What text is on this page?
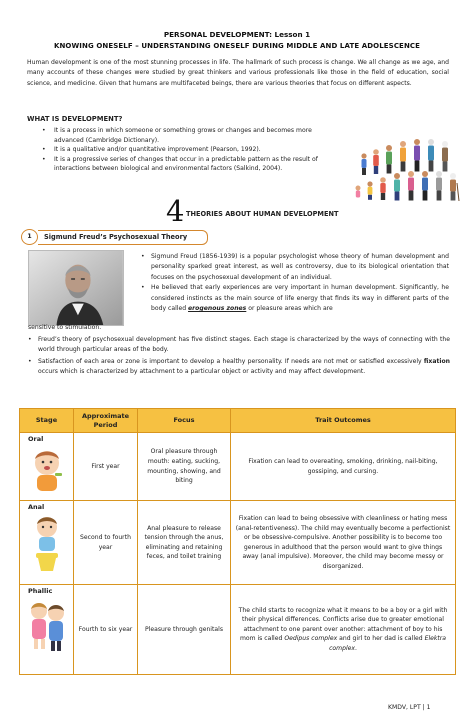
PERSONAL DEVELOPMENT: Lesson 1
KNOWING ONESELF – UNDERSTANDING ONESELF DURING MIDDLE AND LATE ADOLESCENCE

Human development is one of the most stunning processes in life. The hallmark of such process is change. We all change as we age, and many accounts of these changes were studied by great thinkers and various professionals like those in the field of education, social science, and medicine. Given that humans are multifaceted beings, there are various theories that focus on different aspects.

WHAT IS DEVELOPMENT?
• It is a process in which someone or something grows or changes and becomes more advanced (Cambridge Dictionary).
• It is a qualitative and/or quantitative improvement (Pearson, 1992).
• It is a progressive series of changes that occur in a predictable pattern as the result of interactions between biological and environmental factors (Salkind, 2004).
4 THEORIES ABOUT HUMAN DEVELOPMENT
1	Sigmund Freud’s Psychosexual Theory
• Sigmund Freud (1856-1939) is a popular psychologist whose theory of human development and personality sparked great interest, as well as controversy, due to its biological orientation that focuses on the psychosexual development of an individual.
• He believed that early experiences are very important in human development. Significantly, he considered instincts as the main source of life energy that finds its way in different parts of the body called erogenous zones or pleasure areas which are
sensitive to stimulation.
• Freud’s theory of psychosexual development has five distinct stages. Each stage is characterized by the ways of connecting with the world through particular areas of the body.
• Satisfaction of each area or zone is important to develop a healthy personality. If needs are not met or satisfied excessively fixation occurs which is characterized by attachment to a particular object or activity and may affect development.
Stage	Approximate Period	Focus	Trait Outcomes

Oral	First year	Oral pleasure through mouth: eating, sucking, mounting, showing, and biting	Fixation can lead to overeating, smoking, drinking, nail-biting, gossiping, and cursing.

Anal	Second to fourth year	Anal pleasure to release tension through the anus, eliminating and retaining feces, and toilet training	Fixation can lead to being obsessive with cleanliness or hating mess (anal-retentiveness). The child may eventually become a perfectionist or be obsessive-compulsive. Another possibility is to become too generous in adulthood that the person would want to give things away (anal impulsive). Moreover, the child may become messy or disorganized.

Phallic	Fourth to six year	Pleasure through genitals	The child starts to recognize what it means to be a boy or a girl with their physical differences. Conflicts arise due to greater emotional attachment to one parent over another: attachment of boy to his mom is called Oedipus complex and girl to her dad is called Elektra complex.
KMDV, LPT | 1
